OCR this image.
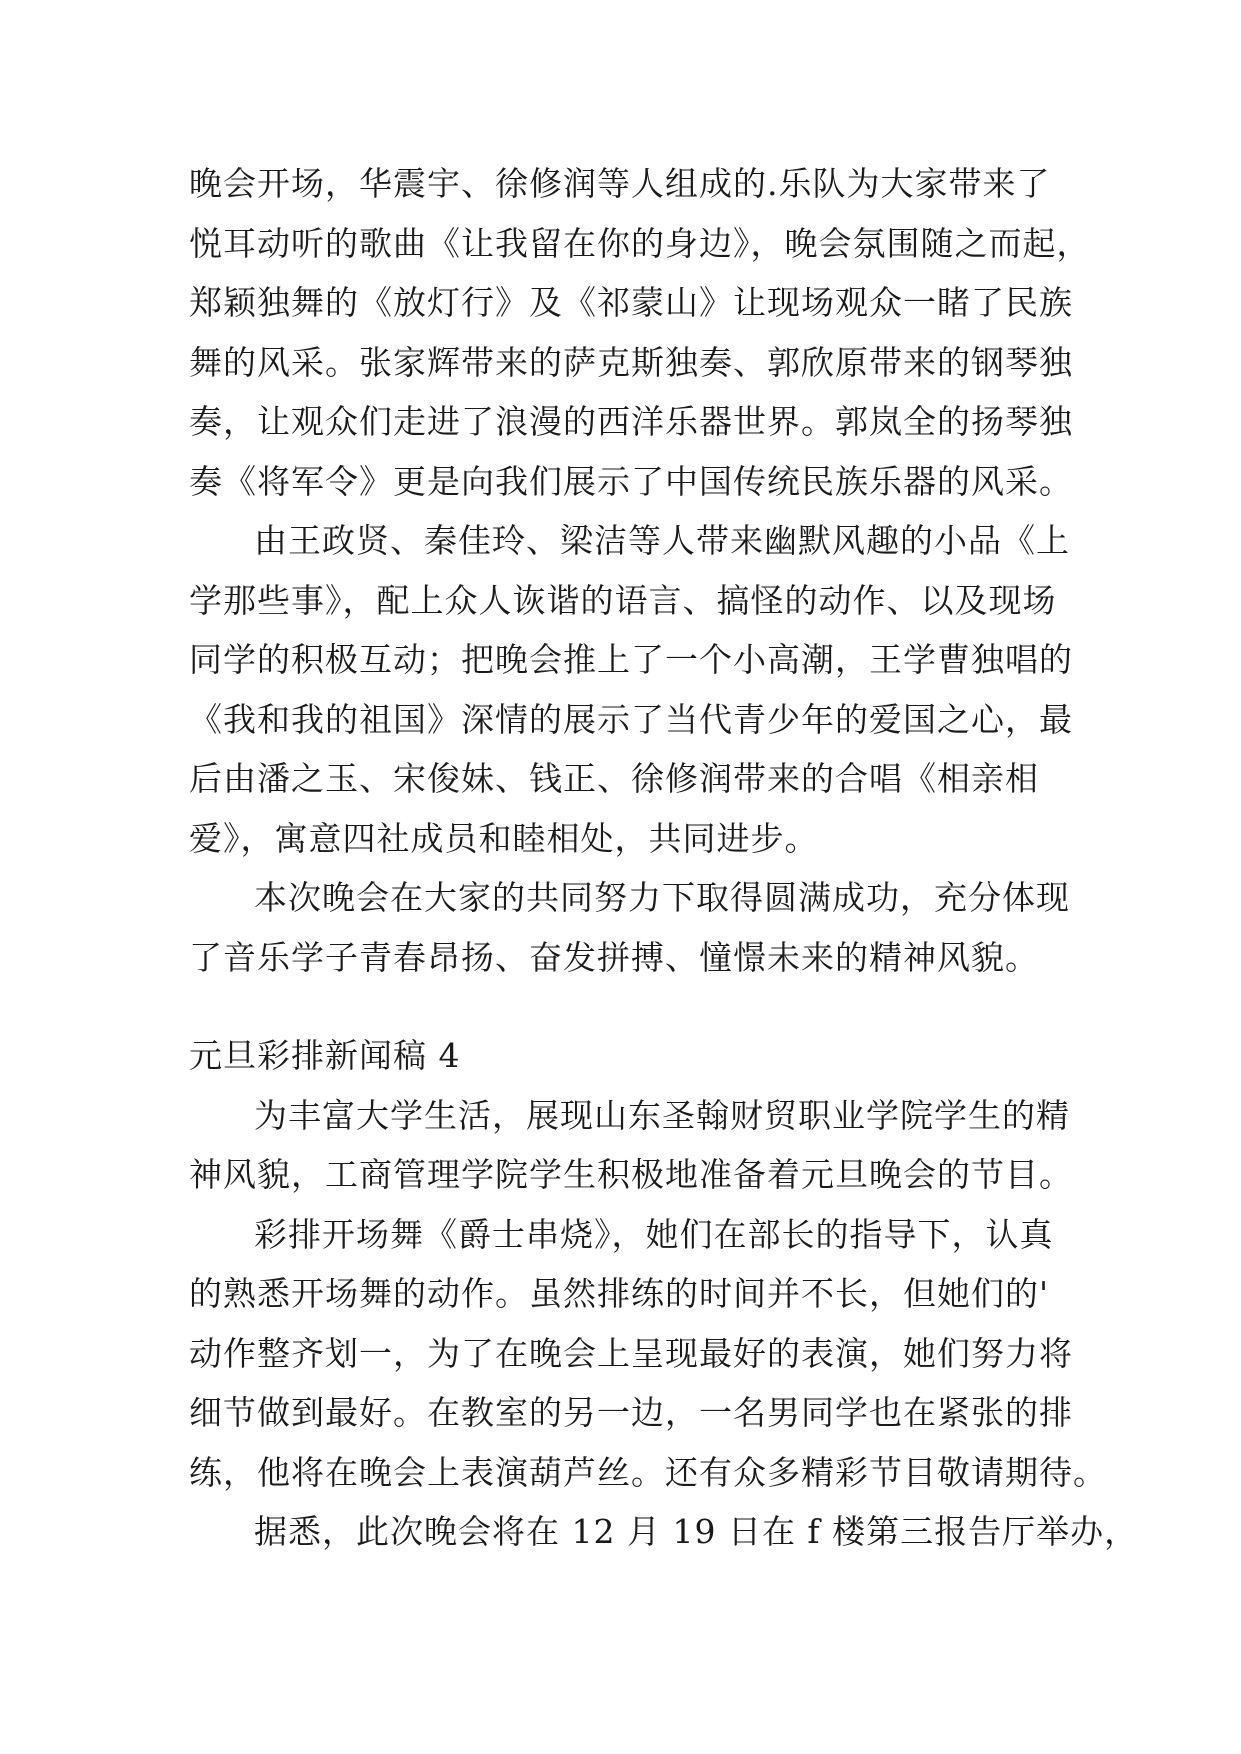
晚会开场，华震宇、徐修润等人组成的.乐队为大家带来了
悦耳动听的歌曲《让我留在你的身边》，晚会氛围随之而起，
郑颖独舞的《放灯行》及《祁蒙山》让现场观众一睹了民族
舞的风采。张家辉带来的萨克斯独奏、郭欣原带来的钢琴独
奏，让观众们走进了浪漫的西洋乐器世界。郭岚全的扬琴独
奏《将军令》更是向我们展示了中国传统民族乐器的风采。
由王政贤、秦佳玲、梁洁等人带来幽默风趣的小品《上
学那些事》，配上众人诙谐的语言、搞怪的动作、以及现场
同学的积极互动；把晚会推上了一个小高潮，王学曹独唱的
《我和我的祖国》深情的展示了当代青少年的爱国之心，最
后由潘之玉、宋俊妹、钱正、徐修润带来的合唱《相亲相
爱》，寓意四社成员和睦相处，共同进步。
本次晚会在大家的共同努力下取得圆满成功，充分体现
了音乐学子青春昂扬、奋发拼搏、憧憬未来的精神风貌。
元旦彩排新闻稿 4
为丰富大学生活，展现山东圣翰财贸职业学院学生的精
神风貌，工商管理学院学生积极地准备着元旦晚会的节目。
彩排开场舞《爵士串烧》，她们在部长的指导下，认真
的熟悉开场舞的动作。虽然排练的时间并不长，但她们的'
动作整齐划一，为了在晚会上呈现最好的表演，她们努力将
细节做到最好。在教室的另一边，一名男同学也在紧张的排
练，他将在晚会上表演葫芦丝。还有众多精彩节目敬请期待。
据悉，此次晚会将在 12 月 19 日在 f 楼第三报告厅举办，
